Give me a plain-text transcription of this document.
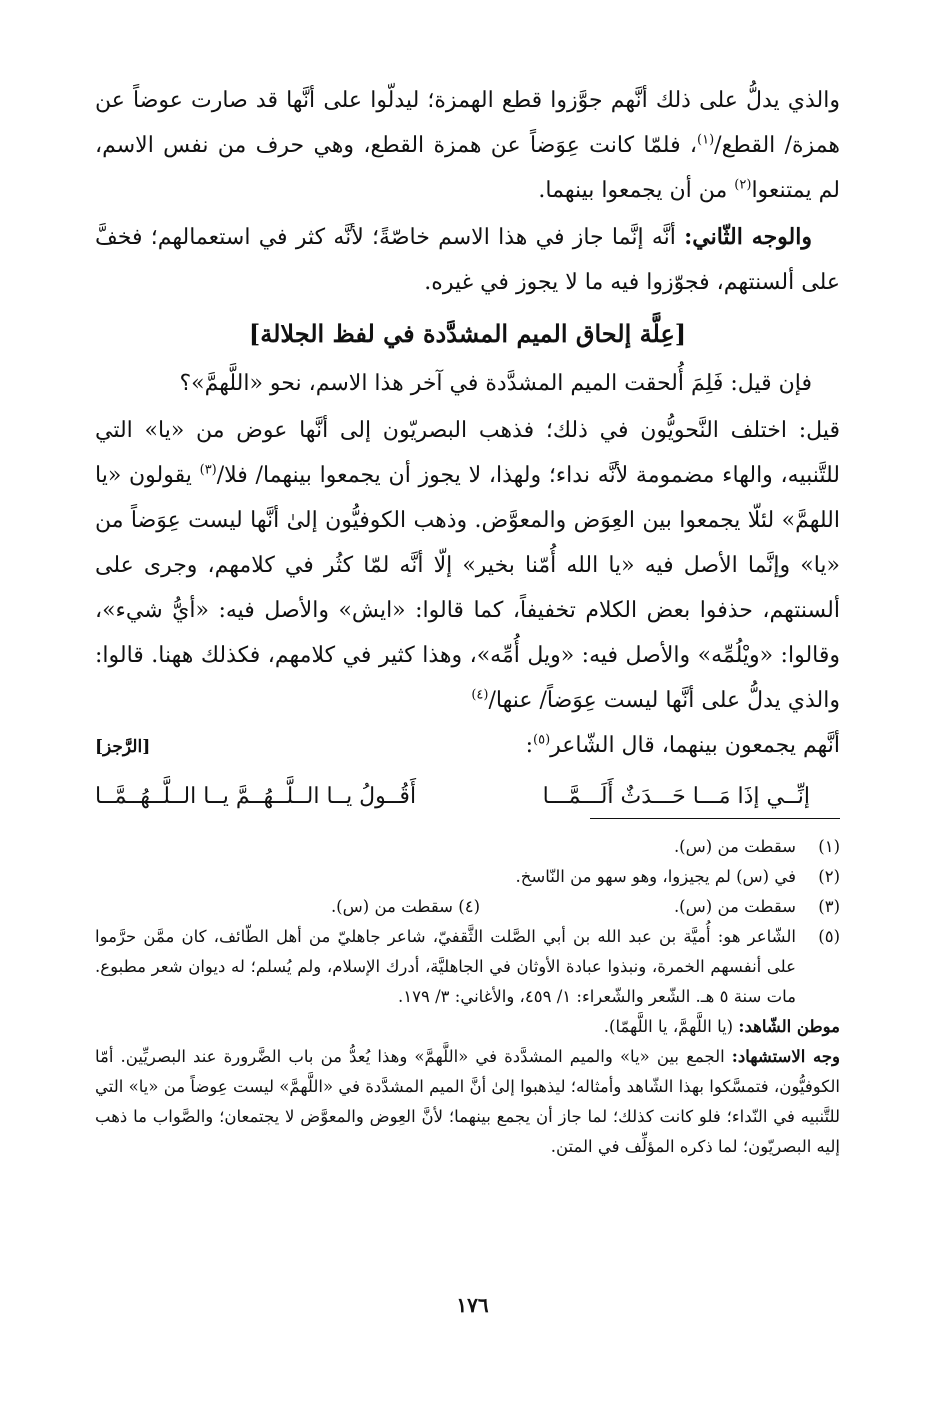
والذي يدلُّ على ذلك أنَّهم جوَّزوا قطع الهمزة؛ ليدلّوا على أنَّها قد صارت عوضاً عن همزة/ القطع/$^{(١)}$، فلمّا كانت عِوَضاً عن همزة القطع، وهي حرف من نفس الاسم، لم يمتنعوا$^{(٢)}$ من أن يجمعوا بينهما.

والوجه الثّاني: أنَّه إنَّما جاز في هذا الاسم خاصّةً؛ لأنَّه كثر في استعمالهم؛ فخفَّ على ألسنتهم، فجوّزوا فيه ما لا يجوز في غيره.

[عِلَّة إلحاق الميم المشدَّدة في لفظ الجلالة]

فإن قيل: فَلِمَ أُلحقت الميم المشدَّدة في آخر هذا الاسم، نحو «اللَّهمَّ»؟

قيل: اختلف النَّحويُّون في ذلك؛ فذهب البصريّون إلى أنَّها عوض من «يا» التي للتَّنبيه، والهاء مضمومة لأنَّه نداء؛ ولهذا، لا يجوز أن يجمعوا بينهما/ فلا/$^{(٣)}$ يقولون «يا اللهمَّ» لئلّا يجمعوا بين العِوَض والمعوَّض. وذهب الكوفيُّون إلىٰ أنَّها ليست عِوَضاً من «يا» وإنَّما الأصل فيه «يا الله أُمّنا بخير» إلّا أنَّه لمّا كثُر في كلامهم، وجرى على ألسنتهم، حذفوا بعض الكلام تخفيفاً، كما قالوا: «ايش» والأصل فيه: «أيُّ شيء»، وقالوا: «ويْلُمِّه» والأصل فيه: «ويل أُمِّه»، وهذا كثير في كلامهم، فكذلك ههنا. قالوا: والذي يدلُّ على أنَّها ليست عِوَضاً/ عنها/$^{(٤)}$

أنَّهم يجمعون بينهما، قال الشّاعر$^{(٥)}$:

[الرَّجز]
إنِّــي إذَا مَـــا حَـــدَثٌ أَلَـــمَّـــا
أَقُــولُ يــا الــلَّــهُــمَّ يــا الــلَّــهُــمَّــا
(١)
سقطت من (س).
(٢)
في (س) لم يجيزوا، وهو سهو من النّاسخ.
(٣)
سقطت من (س).
(٤) سقطت من (س).
(٥)
الشّاعر هو: أُميَّة بن عبد الله بن أبي الصَّلت الثَّقفيّ، شاعر جاهليّ من أهل الطّائف، كان ممَّن حرَّموا على أنفسهم الخمرة، ونبذوا عبادة الأوثان في الجاهليَّة، أدرك الإسلام، ولم يُسلم؛ له ديوان شعر مطبوع. مات سنة ٥ هـ. الشّعر والشّعراء: ١/ ٤٥٩، والأغاني: ٣/ ١٧٩.

موطن الشّاهد: (يا اللَّهمَّ، يا اللَّهمّا).

وجه الاستشهاد: الجمع بين «يا» والميم المشدَّدة في «اللَّهمَّ» وهذا يُعدُّ من باب الضَّرورة عند البصريِّين. أمّا الكوفيُّون، فتمسَّكوا بهذا الشّاهد وأمثاله؛ ليذهبوا إلىٰ أنَّ الميم المشدَّدة في «اللَّهمَّ» ليست عِوضاً من «يا» التي للتَّنبيه في النّداء؛ فلو كانت كذلك؛ لما جاز أن يجمع بينهما؛ لأنَّ العِوض والمعوَّض لا يجتمعان؛ والصَّواب ما ذهب إليه البصريّون؛ لما ذكره المؤلِّف في المتن.

١٧٦
